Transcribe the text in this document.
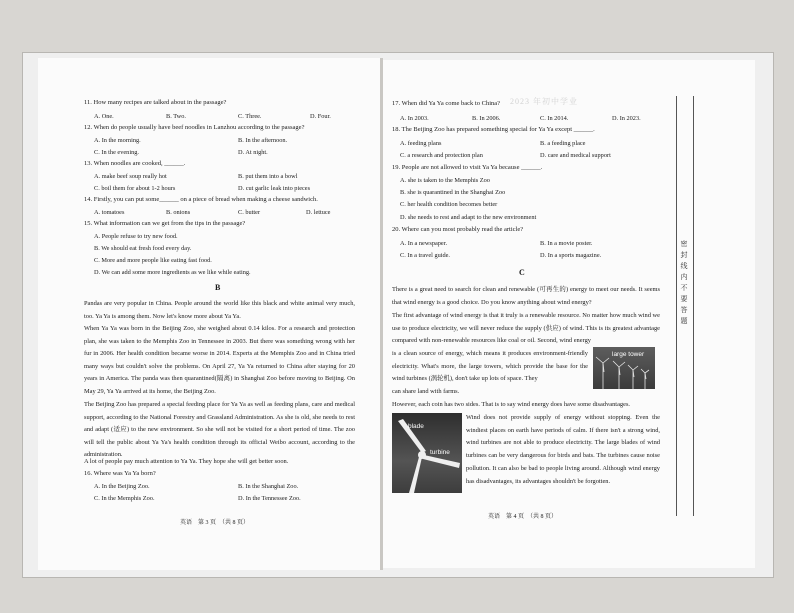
11. How many recipes are talked about in the passage?
A. One.	B. Two.	C. Three.	D. Four.
12. When do people usually have beef noodles in Lanzhou according to the passage?
A. In the morning.	B. In the afternoon.
C. In the evening.	D. At night.
13. When noodles are cooked, ______.
A. make beef soup really hot	B. put them into a bowl
C. boil them for about 1-2 hours	D. cut garlic leak into pieces
14. Firstly, you can put some______ on a piece of bread when making a cheese sandwich.
A. tomatoes	B. onions	C. butter	D. lettuce
15. What information can we get from the tips in the passage?
A. People refuse to try new food.
B. We should eat fresh food every day.
C. More and more people like eating fast food.
D. We can add some more ingredients as we like while eating.
B
Pandas are very popular in China. People around the world like this black and white animal very much, too. Ya Ya is among them. Now let's know more about Ya Ya.
When Ya Ya was born in the Beijing Zoo, she weighed about 0.14 kilos. For a research and protection plan, she was taken to the Memphis Zoo in Tennessee in 2003. But there was something wrong with her fur in 2006. Her health condition became worse in 2014. Experts at the Memphis Zoo and in China tried many ways but couldn't solve the problems. On April 27, Ya Ya returned to China after staying for 20 years in America. The panda was then quarantined(隔离) in Shanghai Zoo before moving to Beijing. On May 29, Ya Ya arrived at its home, the Beijing Zoo.
The Beijing Zoo has prepared a special feeding place for Ya Ya as well as feeding plans, care and medical support, according to the National Forestry and Grassland Administration. As she is old, she needs to rest and adapt (适应) to the new environment. So she will not be visited for a short period of time. The zoo will tell the public about Ya Ya's health condition through its official Weibo account, according to the administration.
A lot of people pay much attention to Ya Ya. They hope she will get better soon.
16. Where was Ya Ya born?
A. In the Beijing Zoo.	B. In the Shanghai Zoo.
C. In the Memphis Zoo.	D. In the Tennessee Zoo.
英语　第 3 页　（共 8 页）
2023 年初中学业
17. When did Ya Ya come back to China?
A. In 2003.	B. In 2006.	C. In 2014.	D. In 2023.
18. The Beijing Zoo has prepared something special for Ya Ya except ______.
A. feeding plans	B. a feeding place
C. a research and protection plan	D. care and medical support
19. People are not allowed to visit Ya Ya because ______.
A. she is taken to the Memphis Zoo
B. she is quarantined in the Shanghai Zoo
C. her health condition becomes better
D. she needs to rest and adapt to the new environment
20. Where can you most probably read the article?
A. In a newspaper.	B. In a movie poster.
C. In a travel guide.	D. In a sports magazine.
C
There is a great need to search for clean and renewable (可再生的) energy to meet our needs. It seems that wind energy is a good choice. Do you know anything about wind energy?
The first advantage of wind energy is that it truly is a renewable resource. No matter how much wind we use to produce electricity, we will never reduce the supply (供应) of wind. This is its greatest advantage compared with non-renewable resources like coal or oil. Second, wind energy
is a clean source of energy, which means it produces environment-friendly electricity. What's more, the large towers, which provide the base for the wind turbines (涡轮机), don't take up lots of space. They
can share land with farms.
large tower
However, each coin has two sides. That is to say wind energy does have some disadvantages.
blade
turbine
Wind does not provide supply of energy without stopping. Even the windiest places on earth have periods of calm. If there isn't a strong wind, wind turbines are not able to produce electricity. The large blades of wind turbines can be very dangerous for birds and bats. The turbines cause noise pollution. It can also be bad to people living around. Although wind energy has disadvantages, its advantages shouldn't be forgotten.
英语　第 4 页　（共 8 页）
密封线内不要答题
